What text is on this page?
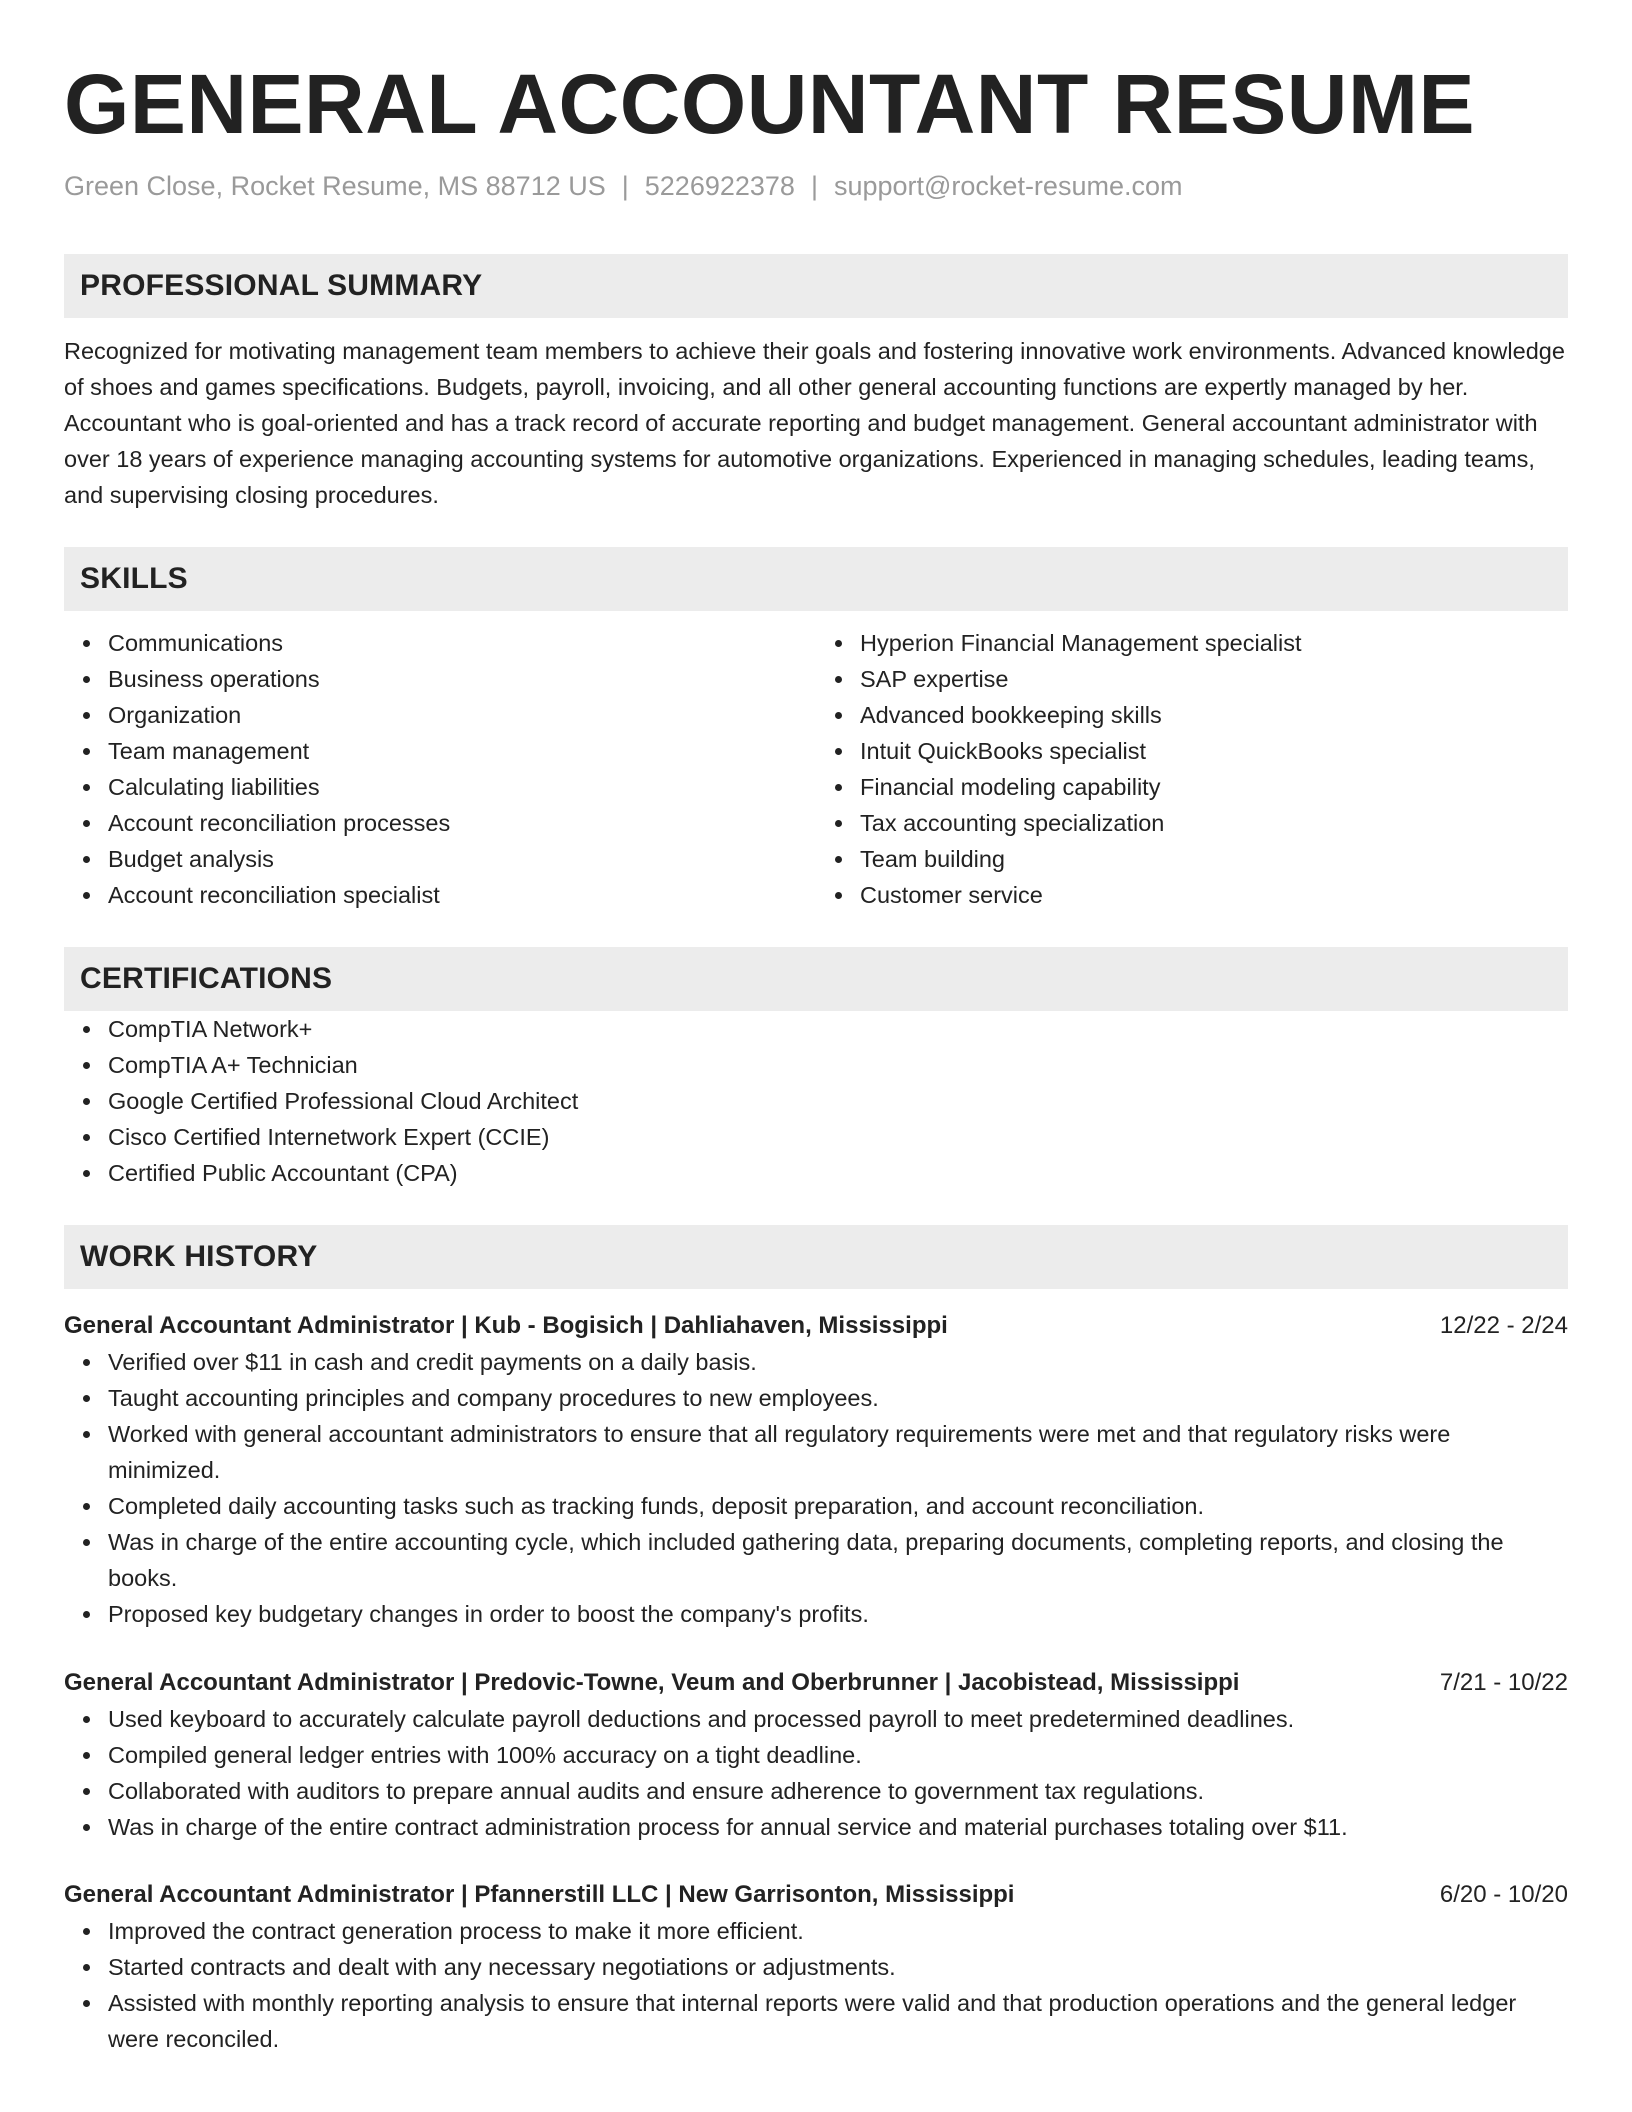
GENERAL ACCOUNTANT RESUME
Green Close, Rocket Resume, MS 88712 US | 5226922378 | support@rocket-resume.com
PROFESSIONAL SUMMARY

Recognized for motivating management team members to achieve their goals and fostering innovative work environments. Advanced knowledge of shoes and games specifications. Budgets, payroll, invoicing, and all other general accounting functions are expertly managed by her. Accountant who is goal-oriented and has a track record of accurate reporting and budget management. General accountant administrator with over 18 years of experience managing accounting systems for automotive organizations. Experienced in managing schedules, leading teams, and supervising closing procedures.

SKILLS
Communications
Business operations
Organization
Team management
Calculating liabilities
Account reconciliation processes
Budget analysis
Account reconciliation specialist
Hyperion Financial Management specialist
SAP expertise
Advanced bookkeeping skills
Intuit QuickBooks specialist
Financial modeling capability
Tax accounting specialization
Team building
Customer service
CERTIFICATIONS
CompTIA Network+
CompTIA A+ Technician
Google Certified Professional Cloud Architect
Cisco Certified Internetwork Expert (CCIE)
Certified Public Accountant (CPA)
WORK HISTORY
General Accountant Administrator | Kub - Bogisich | Dahliahaven, Mississippi	12/22 - 2/24
Verified over $11 in cash and credit payments on a daily basis.
Taught accounting principles and company procedures to new employees.
Worked with general accountant administrators to ensure that all regulatory requirements were met and that regulatory risks were minimized.
Completed daily accounting tasks such as tracking funds, deposit preparation, and account reconciliation.
Was in charge of the entire accounting cycle, which included gathering data, preparing documents, completing reports, and closing the books.
Proposed key budgetary changes in order to boost the company's profits.
General Accountant Administrator | Predovic-Towne, Veum and Oberbrunner | Jacobistead, Mississippi	7/21 - 10/22
Used keyboard to accurately calculate payroll deductions and processed payroll to meet predetermined deadlines.
Compiled general ledger entries with 100% accuracy on a tight deadline.
Collaborated with auditors to prepare annual audits and ensure adherence to government tax regulations.
Was in charge of the entire contract administration process for annual service and material purchases totaling over $11.
General Accountant Administrator | Pfannerstill LLC | New Garrisonton, Mississippi	6/20 - 10/20
Improved the contract generation process to make it more efficient.
Started contracts and dealt with any necessary negotiations or adjustments.
Assisted with monthly reporting analysis to ensure that internal reports were valid and that production operations and the general ledger were reconciled.
